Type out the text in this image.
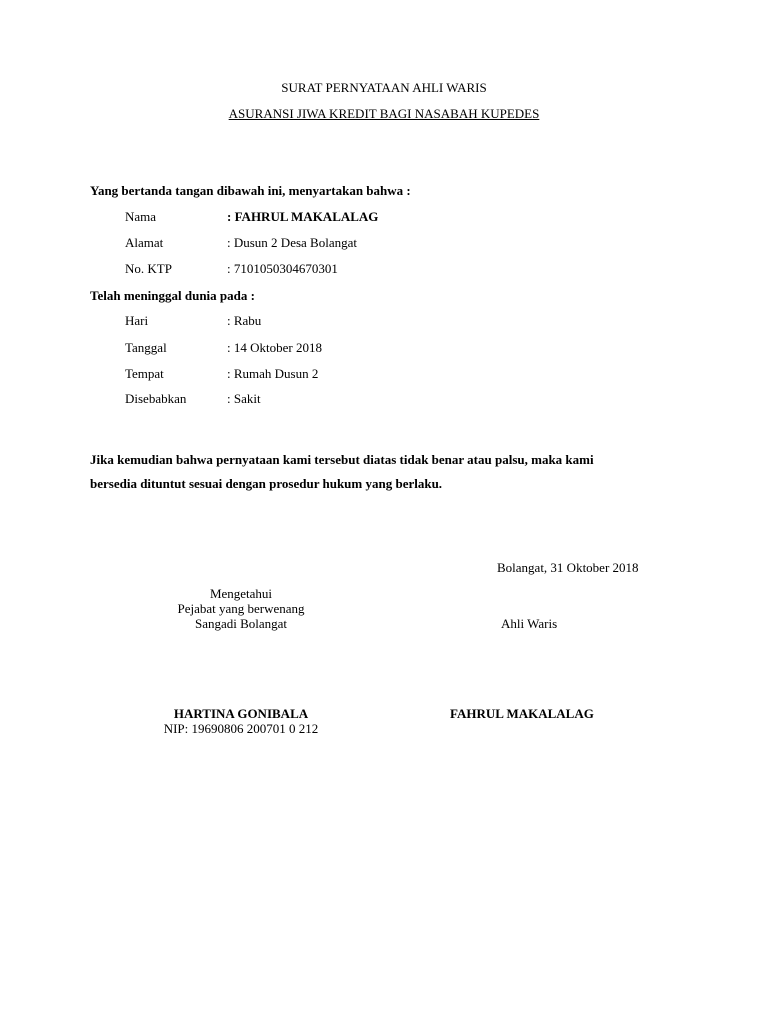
SURAT PERNYATAAN AHLI WARIS
ASURANSI JIWA KREDIT BAGI NASABAH KUPEDES
Yang bertanda tangan dibawah ini, menyartakan bahwa :
Nama	: FAHRUL MAKALALAG
Alamat	: Dusun 2 Desa Bolangat
No. KTP	: 7101050304670301
Telah meninggal dunia pada :
Hari	: Rabu
Tanggal	: 14 Oktober 2018
Tempat	: Rumah Dusun 2
Disebabkan	: Sakit
Jika kemudian bahwa pernyataan kami tersebut diatas tidak benar atau palsu, maka kami
bersedia dituntut sesuai dengan prosedur hukum yang berlaku.
Bolangat, 31 Oktober 2018
Mengetahui
Pejabat yang berwenang
Sangadi Bolangat	Ahli Waris
HARTINA GONIBALA
NIP: 19690806 200701 0 212
FAHRUL MAKALALAG
